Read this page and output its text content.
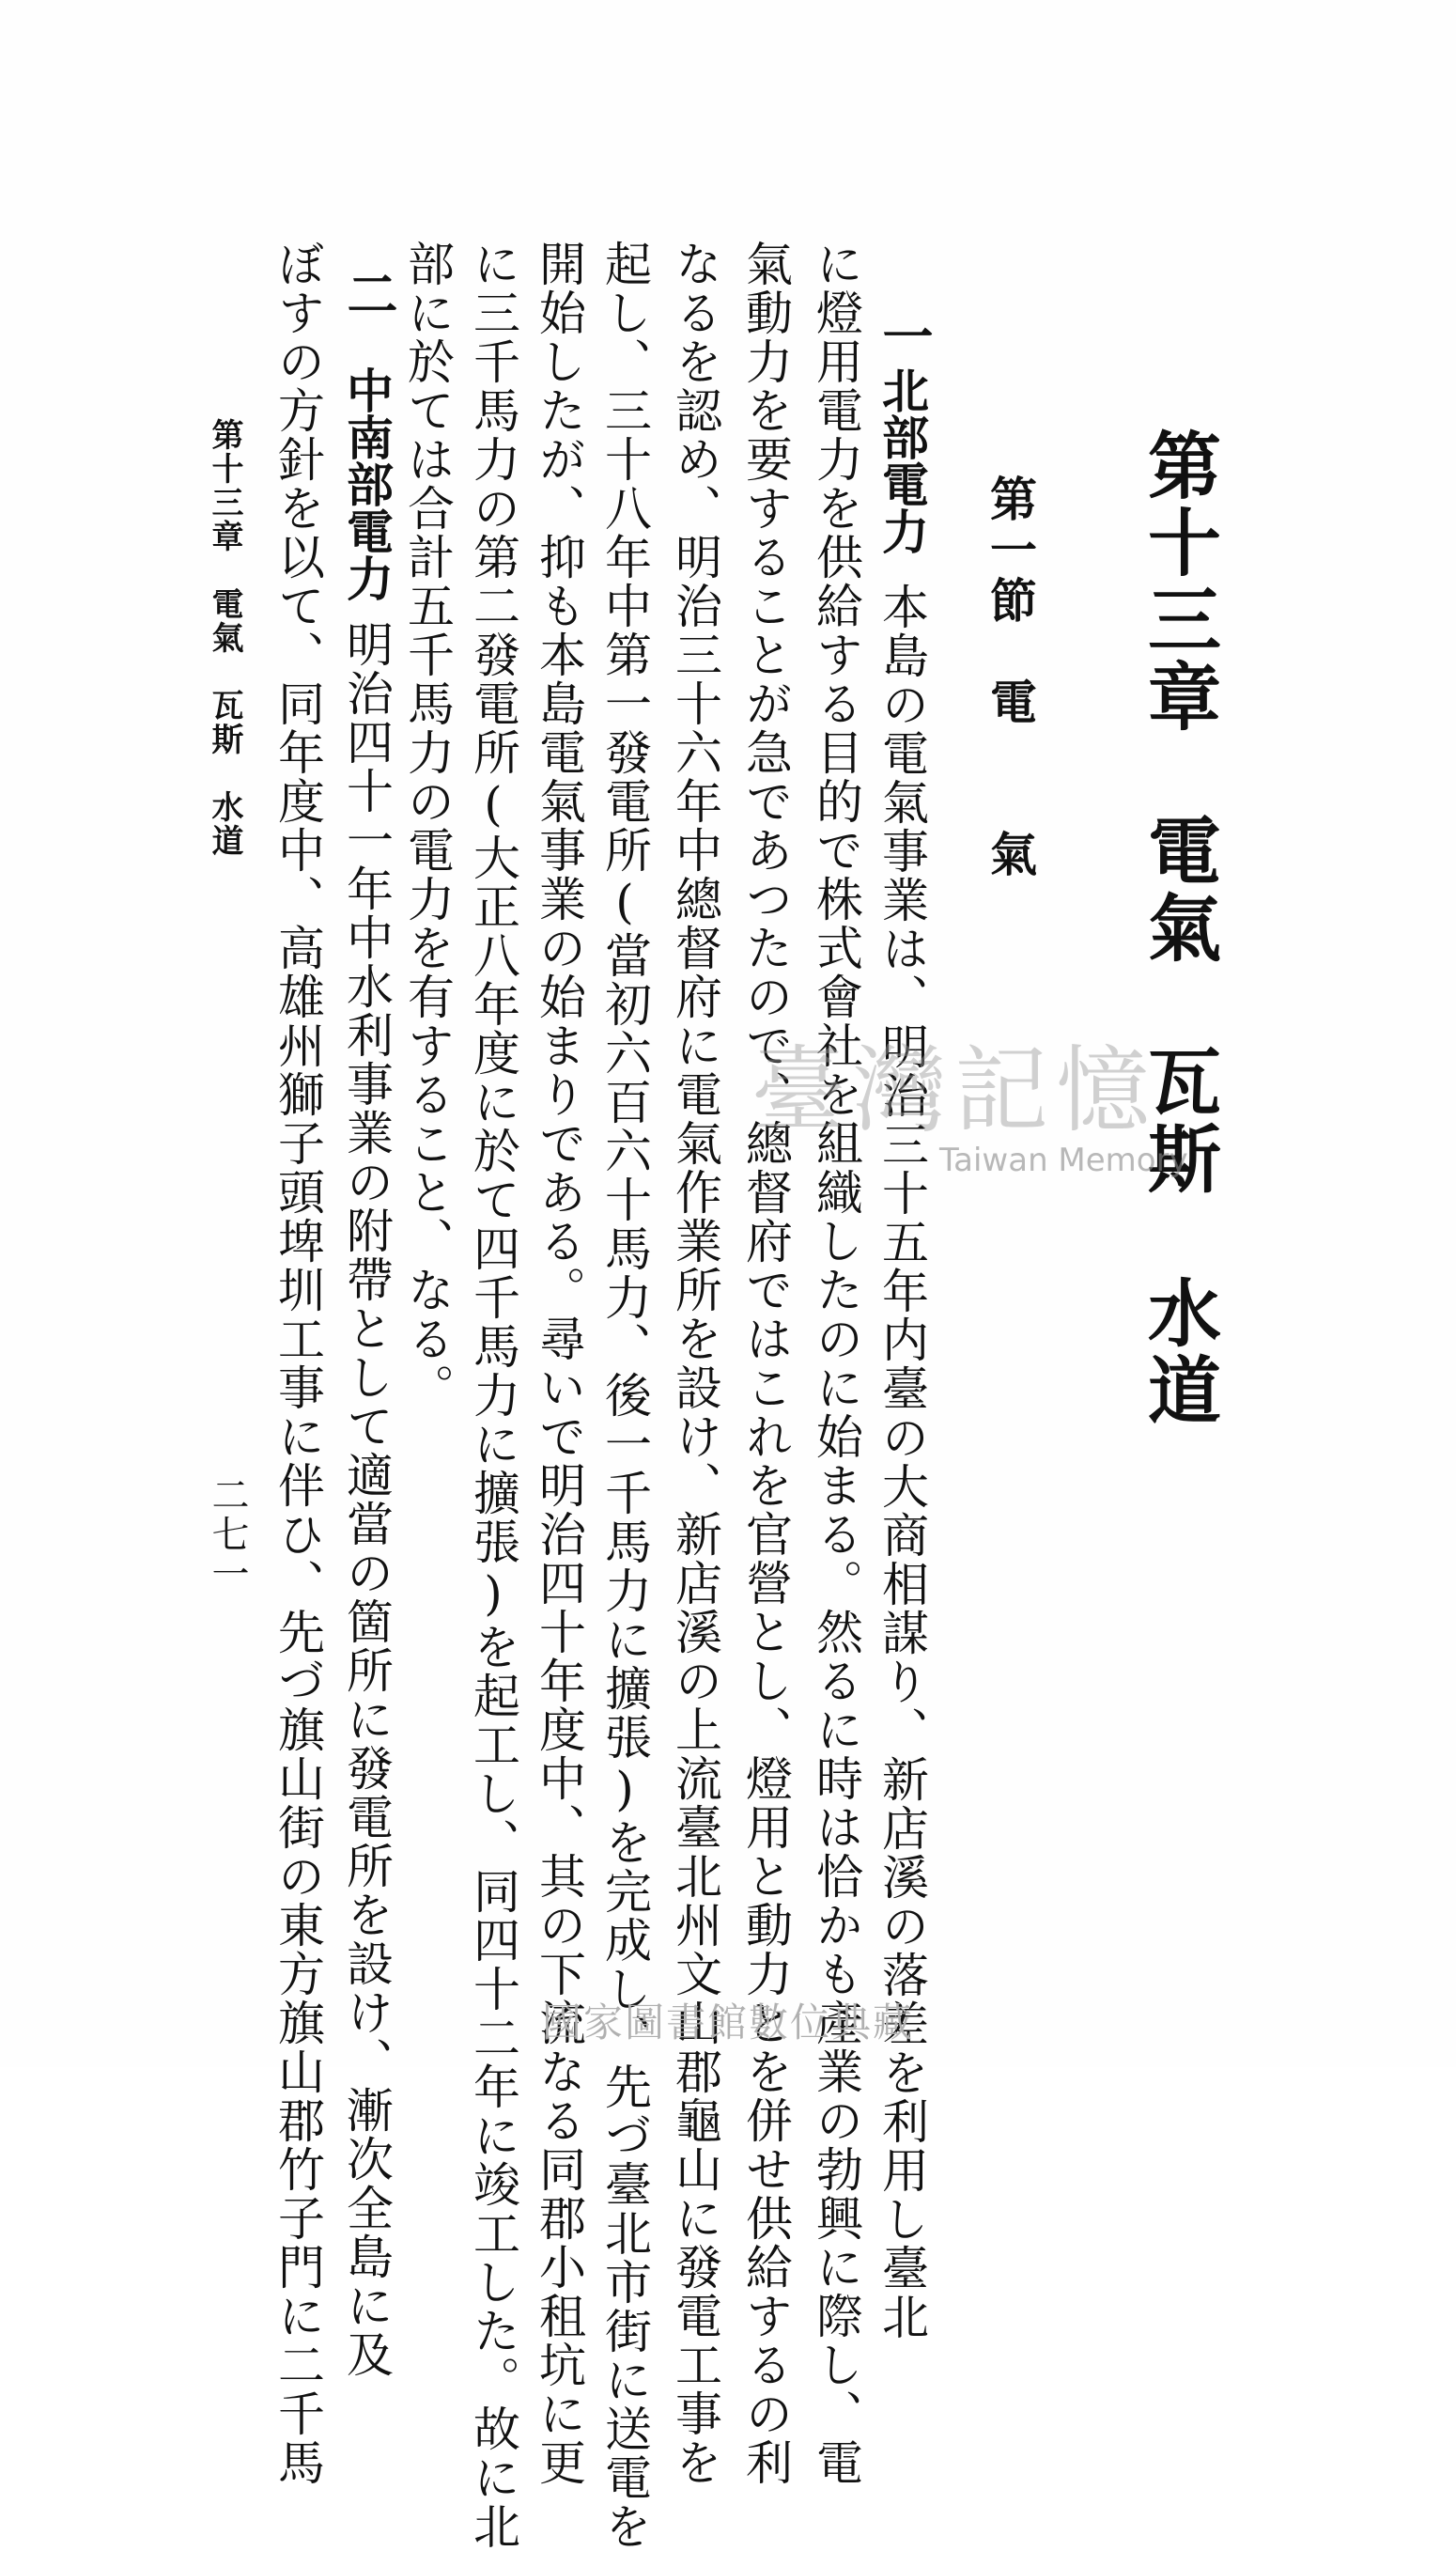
第十三章　電氣　瓦斯　水道
第一節　電　　氣
一
北部電力
本島の電氣事業は、明治三十五年内臺の大商相謀り、新店溪の落差を利用し臺北
に燈用電力を供給する目的で株式會社を組織したのに始まる。然るに時は恰かも產業の勃興に際し、電
氣動力を要することが急であつたので、總督府ではこれを官營とし、燈用と動力とを併せ供給するの利
なるを認め、明治三十六年中總督府に電氣作業所を設け、新店溪の上流臺北州文山郡龜山に發電工事を
起し、三十八年中第一發電所(當初六百六十馬力、後一千馬力に擴張)を完成し、先づ臺北市街に送電を
開始したが、抑も本島電氣事業の始まりである。尋いで明治四十年度中、其の下流なる同郡小租坑に更
に三千馬力の第二發電所(大正八年度に於て四千馬力に擴張)を起工し、同四十二年に竣工した。故に北
部に於ては合計五千馬力の電力を有すること、なる。
二
中南部電力
明治四十一年中水利事業の附帶として適當の箇所に發電所を設け、漸次全島に及
ぼすの方針を以て、同年度中、高雄州獅子頭埤圳工事に伴ひ、先づ旗山街の東方旗山郡竹子門に二千馬
第十三章　電氣　瓦斯　水道
二七一
臺灣記憶
Taiwan Memory
國家圖書館數位典藏
